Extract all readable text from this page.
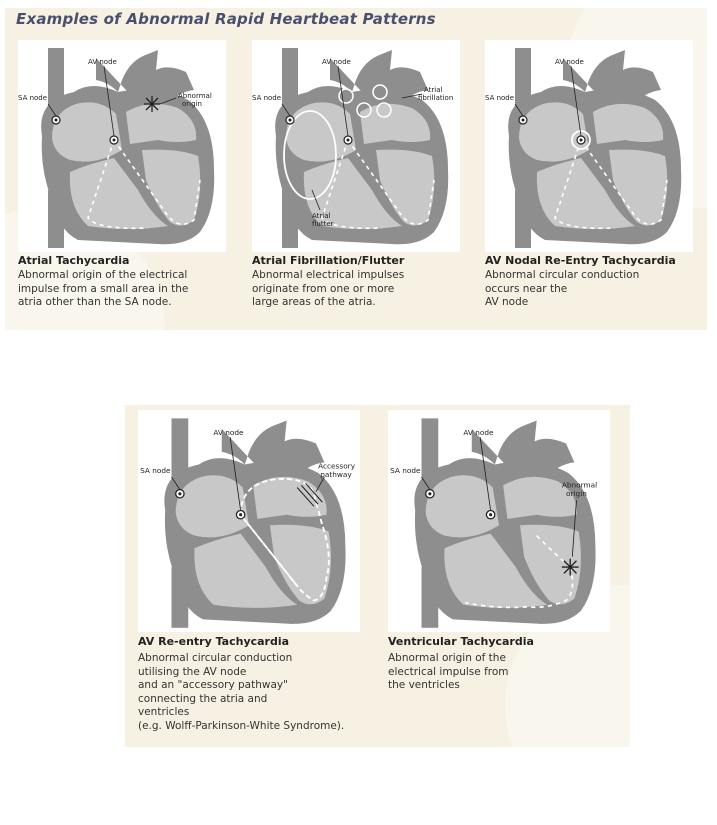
Examples of Abnormal Rapid Heartbeat Patterns
SA node
AV node
Abnormal
origin
Atrial Tachycardia
Abnormal origin of the electrical
impulse from a small area in the
atria other than the SA node.
SA node
AV node
Atrial
fibrillation
Atrial
flutter
Atrial Fibrillation/Flutter
Abnormal electrical impulses
originate from one or more
large areas of the atria.
SA node
AV node
AV Nodal Re-Entry Tachycardia
Abnormal circular conduction
occurs near the
AV node
SA node
AV node
Accessory
pathway
AV Re-entry Tachycardia
Abnormal circular conduction
utilising the AV node
and an "accessory pathway"
connecting the atria and
ventricles
(e.g. Wolff-Parkinson-White Syndrome).
SA node
AV node
Abnormal
origin
Ventricular Tachycardia
Abnormal origin of the
electrical impulse from
the ventricles
